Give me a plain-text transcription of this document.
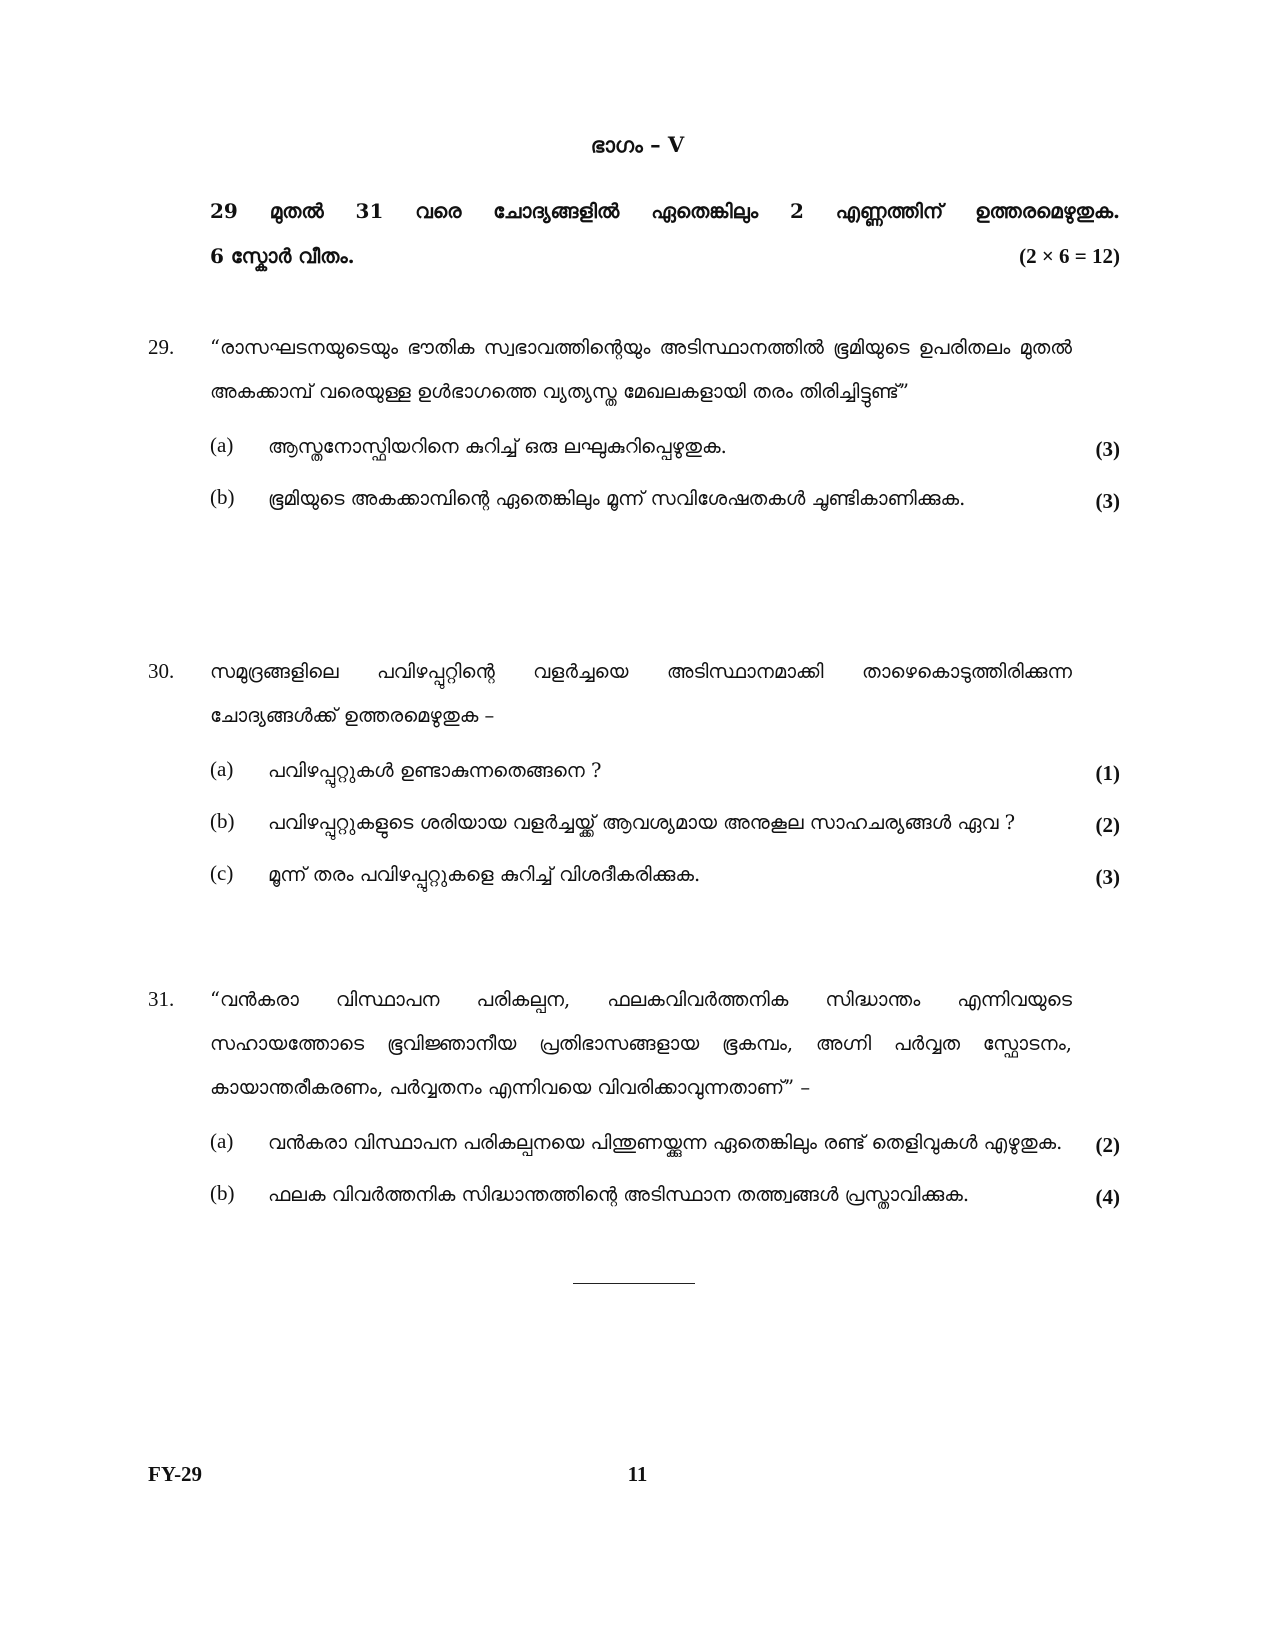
ഭാഗം – V
29 മുതൽ 31 വരെ ചോദ്യങ്ങളിൽ ഏതെങ്കിലും 2 എണ്ണത്തിന് ഉത്തരമെഴുതുക.
6 സ്കോർ വീതം.	(2 × 6 = 12)
29.	“രാസഘടനയുടെയും ഭൗതിക സ്വഭാവത്തിന്റെയും അടിസ്ഥാനത്തിൽ ഭൂമിയുടെ ഉപരിതലം മുതൽ അകക്കാമ്പ് വരെയുള്ള ഉൾഭാഗത്തെ വ്യത്യസ്ത മേഖലകളായി തരം തിരിച്ചിട്ടുണ്ട്”
(a)	ആസ്തനോസ്ഫിയറിനെ കുറിച്ച് ഒരു ലഘുകുറിപ്പെഴുതുക.	(3)
(b)	ഭൂമിയുടെ അകക്കാമ്പിന്റെ ഏതെങ്കിലും മൂന്ന് സവിശേഷതകൾ ചൂണ്ടികാണിക്കുക.	(3)
30.	സമുദ്രങ്ങളിലെ പവിഴപ്പുറ്റിന്റെ വളർച്ചയെ അടിസ്ഥാനമാക്കി താഴെകൊടുത്തിരിക്കുന്ന ചോദ്യങ്ങൾക്ക് ഉത്തരമെഴുതുക –
(a)	പവിഴപ്പുറ്റുകൾ ഉണ്ടാകുന്നതെങ്ങനെ ?	(1)
(b)	പവിഴപ്പുറ്റുകളുടെ ശരിയായ വളർച്ചയ്ക്ക് ആവശ്യമായ അനുകൂല സാഹചര്യങ്ങൾ ഏവ ?	(2)
(c)	മൂന്ന് തരം പവിഴപ്പുറ്റുകളെ കുറിച്ച് വിശദീകരിക്കുക.	(3)
31.	“വൻകരാ വിസ്ഥാപന പരികല്പന, ഫലകവിവർത്തനിക സിദ്ധാന്തം എന്നിവയുടെ സഹായത്തോടെ ഭൂവിജ്ഞാനീയ പ്രതിഭാസങ്ങളായ ഭൂകമ്പം, അഗ്നി പർവ്വത സ്ഫോടനം, കായാന്തരീകരണം, പർവ്വതനം എന്നിവയെ വിവരിക്കാവുന്നതാണ്” –
(a)	വൻകരാ വിസ്ഥാപന പരികല്പനയെ പിന്തുണയ്ക്കുന്ന ഏതെങ്കിലും രണ്ട് തെളിവുകൾ എഴുതുക.	(2)
(b)	ഫലക വിവർത്തനിക സിദ്ധാന്തത്തിന്റെ അടിസ്ഥാന തത്ത്വങ്ങൾ പ്രസ്താവിക്കുക.	(4)
FY-29	11
